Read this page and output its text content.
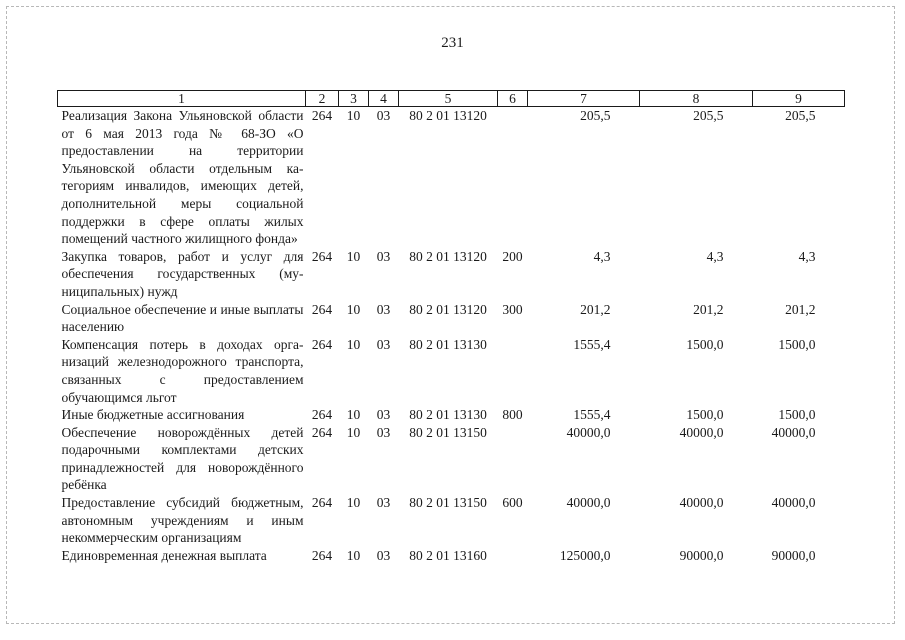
231
1	2	3	4	5	6	7	8	9
Реализация Закона Ульяновской области от 6 мая 2013 года № 68-ЗО «О предоставлении на территории Ульяновской области отдельным категориям инвалидов, имеющих детей, дополнительной меры социальной поддержки в сфере оплаты жилых помещений частного жилищного фонда»	264	10	03	80 2 01 13120		205,5	205,5	205,5
Закупка товаров, работ и услуг для обеспечения государственных (муниципальных) нужд	264	10	03	80 2 01 13120	200	4,3	4,3	4,3
Социальное обеспечение и иные выплаты населению	264	10	03	80 2 01 13120	300	201,2	201,2	201,2
Компенсация потерь в доходах организаций железнодорожного транспорта, связанных с предоставлением обучающимся льгот	264	10	03	80 2 01 13130		1555,4	1500,0	1500,0
Иные бюджетные ассигнования	264	10	03	80 2 01 13130	800	1555,4	1500,0	1500,0
Обеспечение новорождённых детей подарочными комплектами детских принадлежностей для новорождённого ребёнка	264	10	03	80 2 01 13150		40000,0	40000,0	40000,0
Предоставление субсидий бюджетным, автономным учреждениям и иным некоммерческим организациям	264	10	03	80 2 01 13150	600	40000,0	40000,0	40000,0
Единовременная денежная выплата	264	10	03	80 2 01 13160		125000,0	90000,0	90000,0
